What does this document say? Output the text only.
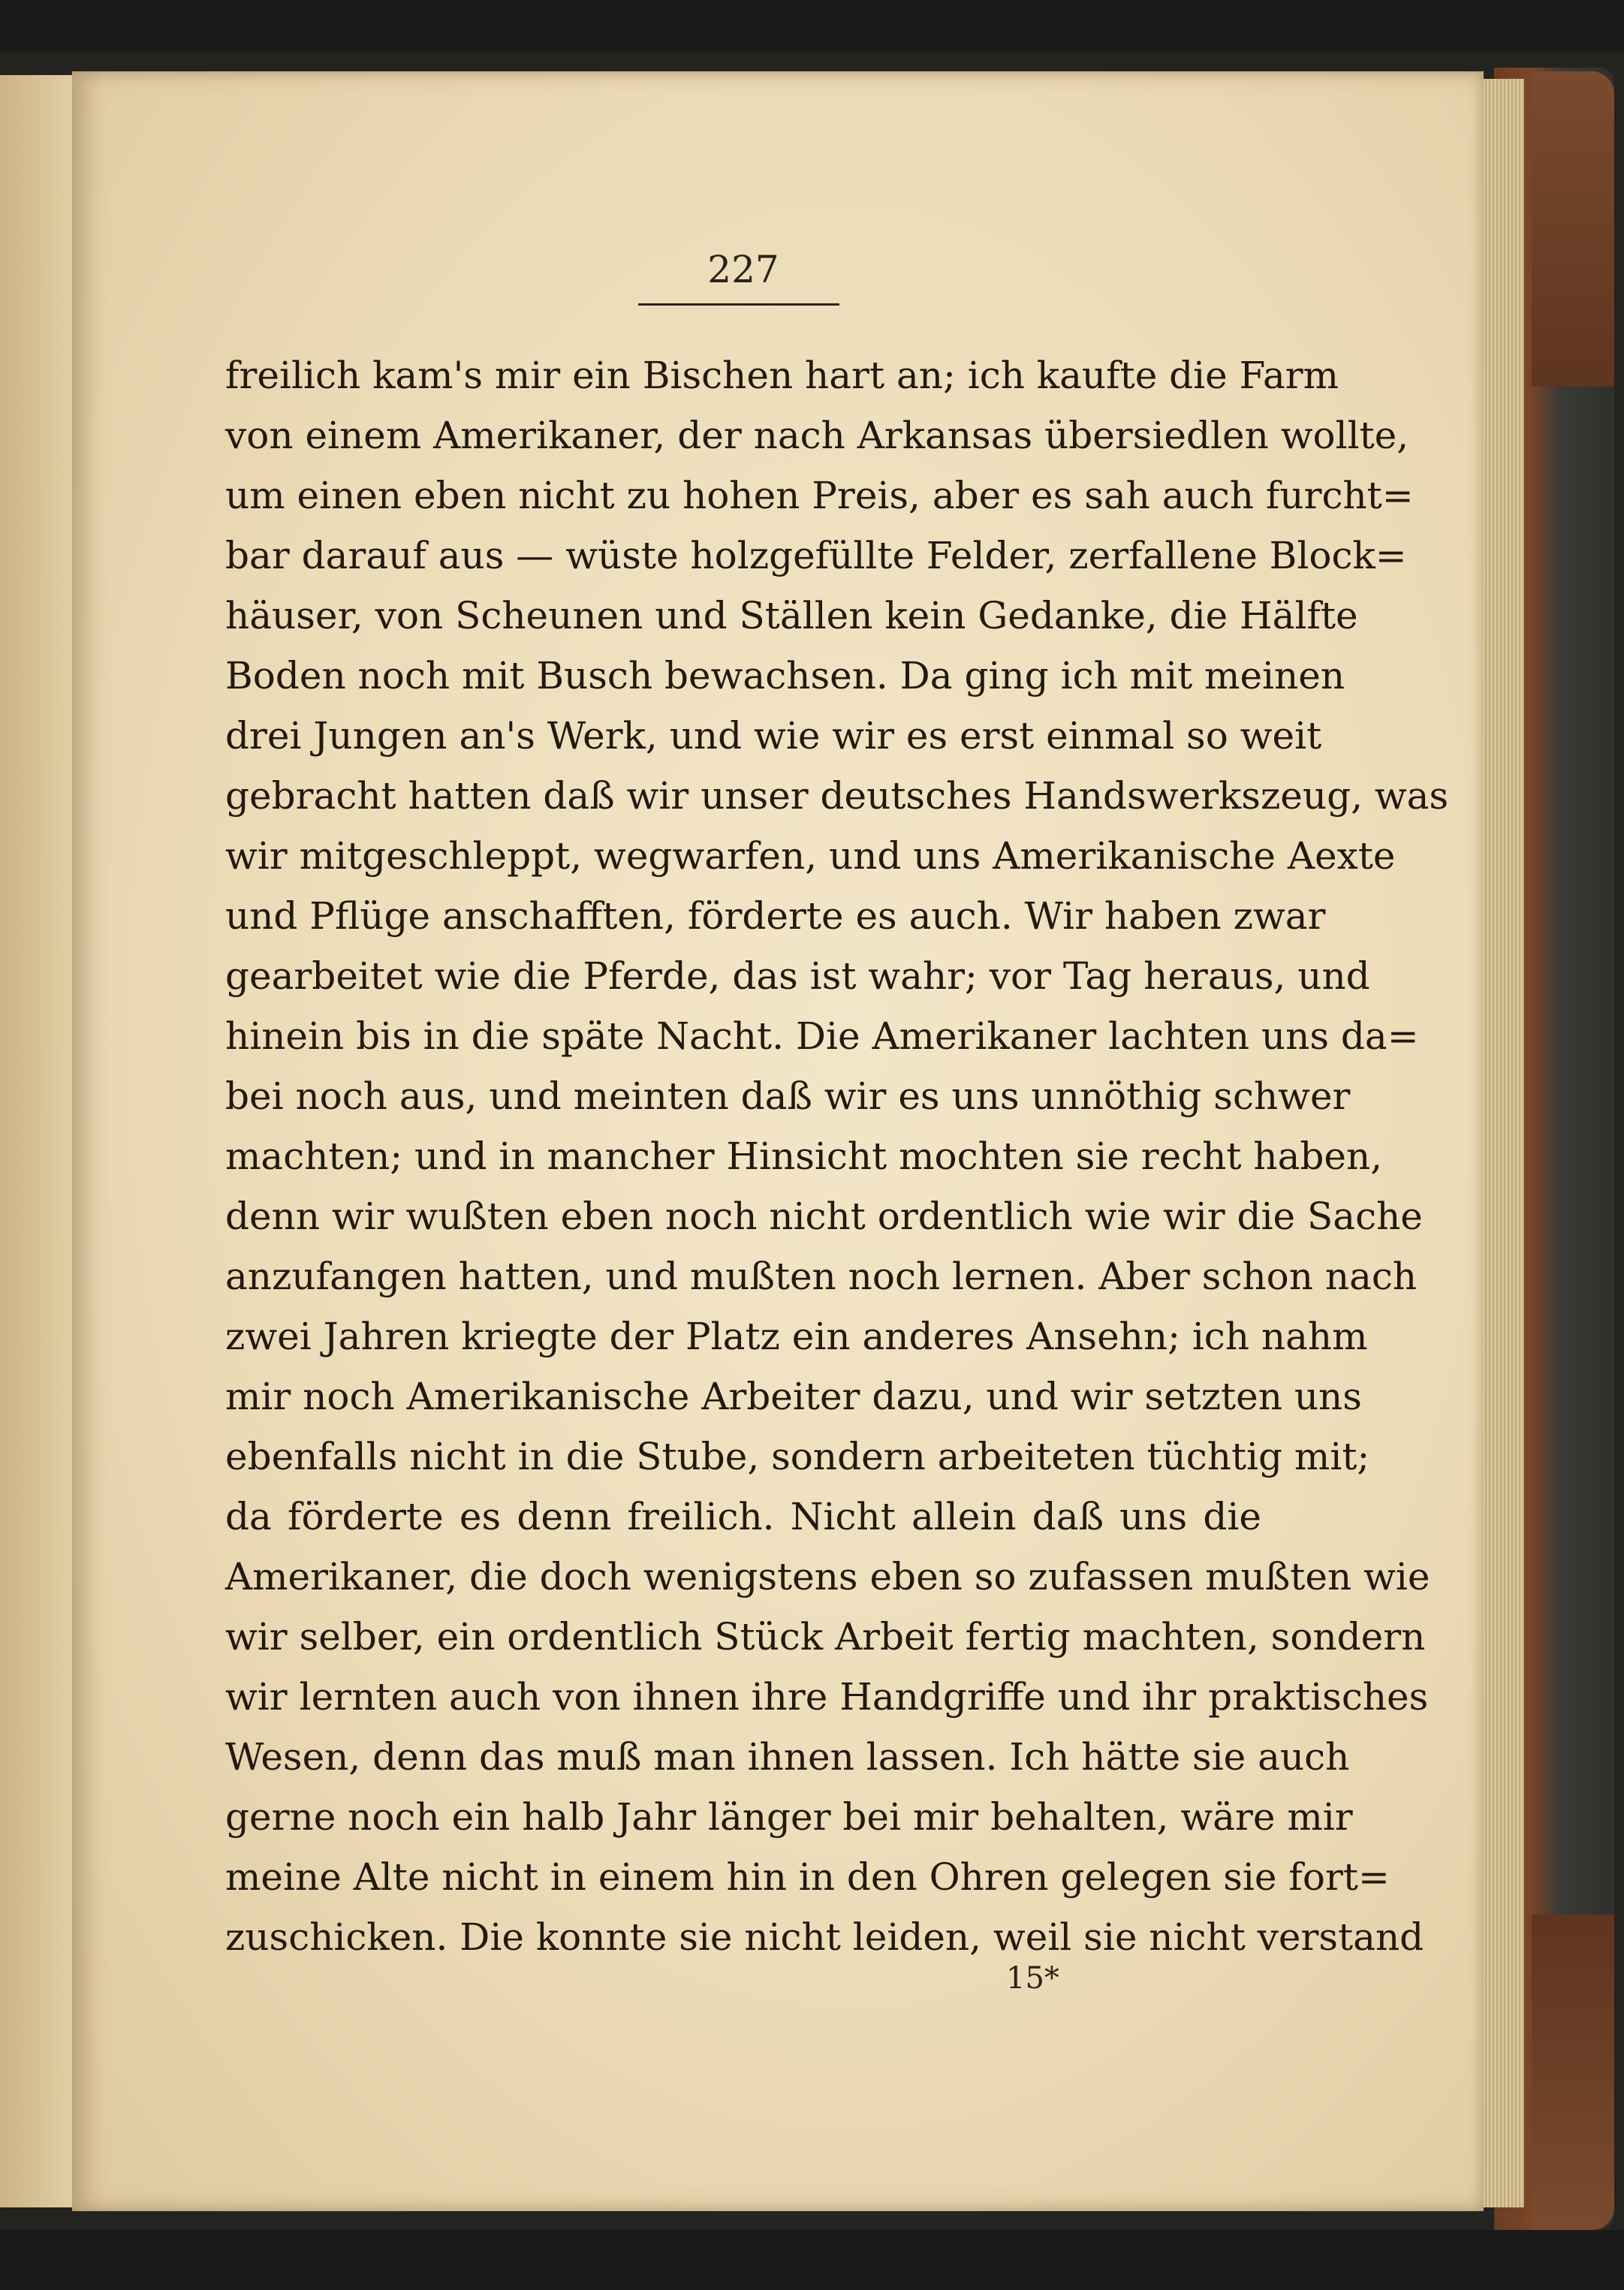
227
freilich kam's mir ein Bischen hart an; ich kaufte die Farm
von einem Amerikaner, der nach Arkansas übersiedlen wollte,
um einen eben nicht zu hohen Preis, aber es sah auch furcht=
bar darauf aus — wüste holzgefüllte Felder, zerfallene Block=
häuser, von Scheunen und Ställen kein Gedanke, die Hälfte
Boden noch mit Busch bewachsen. Da ging ich mit meinen
drei Jungen an's Werk, und wie wir es erst einmal so weit
gebracht hatten daß wir unser deutsches Handswerkszeug, was
wir mitgeschleppt, wegwarfen, und uns Amerikanische Aexte
und Pflüge anschafften, förderte es auch. Wir haben zwar
gearbeitet wie die Pferde, das ist wahr; vor Tag heraus, und
hinein bis in die späte Nacht. Die Amerikaner lachten uns da=
bei noch aus, und meinten daß wir es uns unnöthig schwer
machten; und in mancher Hinsicht mochten sie recht haben,
denn wir wußten eben noch nicht ordentlich wie wir die Sache
anzufangen hatten, und mußten noch lernen. Aber schon nach
zwei Jahren kriegte der Platz ein anderes Ansehn; ich nahm
mir noch Amerikanische Arbeiter dazu, und wir setzten uns
ebenfalls nicht in die Stube, sondern arbeiteten tüchtig mit;
da förderte es denn freilich. Nicht allein daß uns die
Amerikaner, die doch wenigstens eben so zufassen mußten wie
wir selber, ein ordentlich Stück Arbeit fertig machten, sondern
wir lernten auch von ihnen ihre Handgriffe und ihr praktisches
Wesen, denn das muß man ihnen lassen. Ich hätte sie auch
gerne noch ein halb Jahr länger bei mir behalten, wäre mir
meine Alte nicht in einem hin in den Ohren gelegen sie fort=
zuschicken. Die konnte sie nicht leiden, weil sie nicht verstand
15*
